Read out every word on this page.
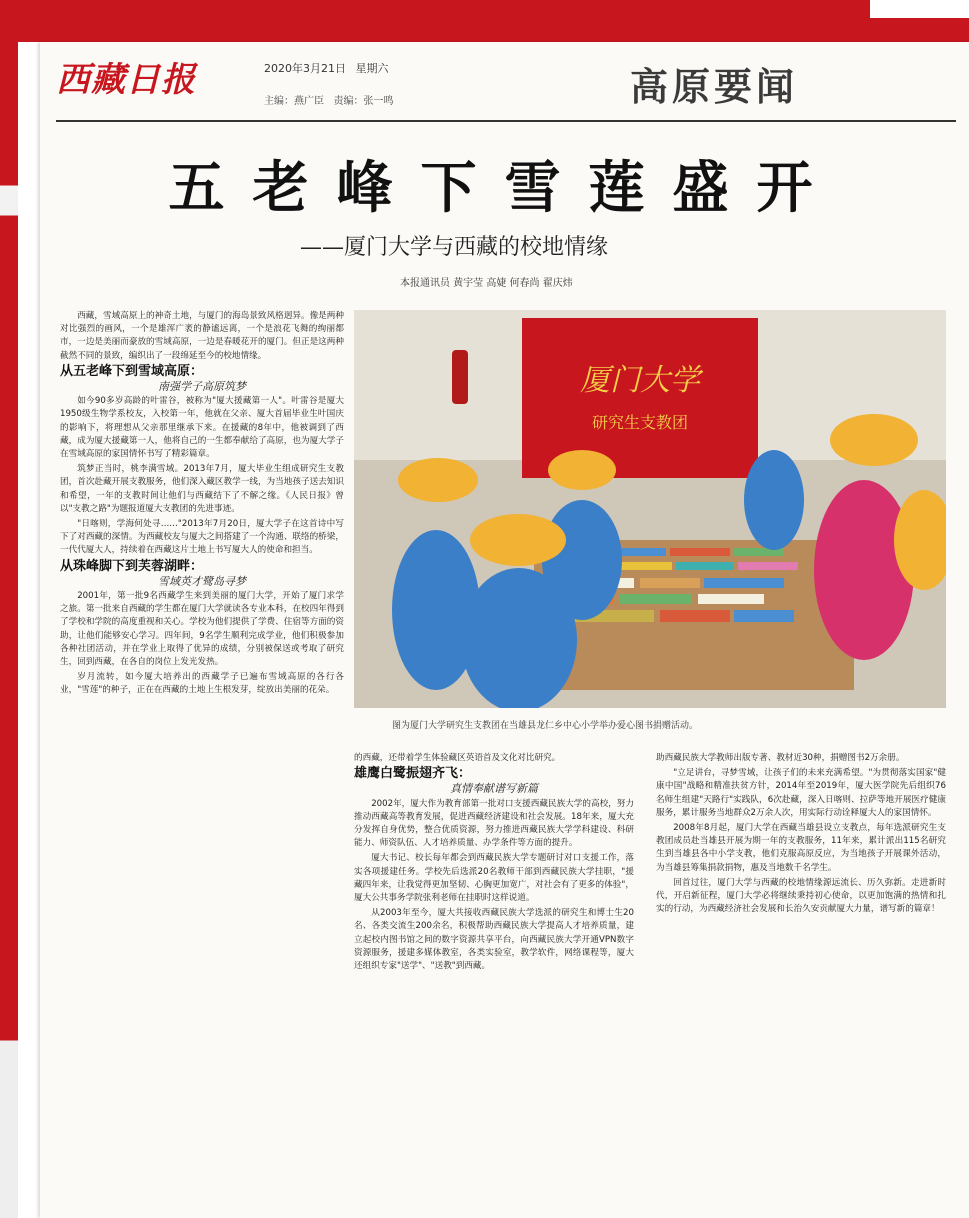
西藏日报	2020年3月21日 星期六
主编：燕广臣 责编：张一鸣	高原要闻
五老峰下雪莲盛开
——厦门大学与西藏的校地情缘
本报通讯员 黄宇莹 高婕 何春尚 翟庆炜

西藏，雪域高原上的神奇土地，与厦门的海岛景致风格迥异。像是两种对比强烈的画风，一个是雄浑广袤的静谧远离，一个是浪花飞舞的绚丽都市，一边是美丽而豪放的雪域高原，一边是春暖花开的厦门。但正是这两种截然不同的景致，编织出了一段绵延至今的校地情缘。

从五老峰下到雪域高原：

南强学子高原筑梦

如今90多岁高龄的叶雷谷，被称为"厦大援藏第一人"。叶雷谷是厦大1950级生物学系校友，入校第一年，他就在父亲、厦大首届毕业生叶国庆的影响下，将理想从父亲那里继承下来。在援藏的8年中，他被调到了西藏，成为厦大援藏第一人，他将自己的一生都奉献给了高原，也为厦大学子在雪域高原的家国情怀书写了精彩篇章。

筑梦正当时，桃李满雪域。2013年7月，厦大毕业生组成研究生支教团，首次赴藏开展支教服务，他们深入藏区教学一线，为当地孩子送去知识和希望，一年的支教时间让他们与西藏结下了不解之缘。《人民日报》曾以"支教之路"为题报道厦大支教团的先进事迹。

"日喀则，学海何处寻……"2013年7月20日，厦大学子在这首诗中写下了对西藏的深情。为西藏校友与厦大之间搭建了一个沟通、联络的桥梁，一代代厦大人，持续着在西藏这片土地上书写厦大人的使命和担当。

从珠峰脚下到芙蓉湖畔：

雪域英才鹭岛寻梦

2001年，第一批9名西藏学生来到美丽的厦门大学，开始了厦门求学之旅。第一批来自西藏的学生都在厦门大学就读各专业本科，在校四年得到了学校和学院的高度重视和关心。学校为他们提供了学费、住宿等方面的资助，让他们能够安心学习。四年间，9名学生顺利完成学业，他们积极参加各种社团活动，并在学业上取得了优异的成绩，分别被保送或考取了研究生，回到西藏，在各自的岗位上发光发热。

岁月流转，如今厦大培养出的西藏学子已遍布雪域高原的各行各业，"雪莲"的种子，正在在西藏的土地上生根发芽，绽放出美丽的花朵。

厦门大学
研究生支教团
图为厦门大学研究生支教团在当雄县龙仁乡中心小学举办爱心图书捐赠活动。

的西藏，还带着学生体验藏区英语首及文化对比研究。

雄鹰白鹭振翅齐飞：

真情奉献谱写新篇

2002年，厦大作为教育部第一批对口支援西藏民族大学的高校，努力推动西藏高等教育发展，促进西藏经济建设和社会发展。18年来，厦大充分发挥自身优势，整合优质资源，努力推进西藏民族大学学科建设、科研能力、师资队伍、人才培养质量、办学条件等方面的提升。

厦大书记、校长每年都会到西藏民族大学专题研讨对口支援工作，落实各项援建任务。学校先后选派20名教师干部到西藏民族大学挂职，"援藏四年来，让我觉得更加坚韧、心胸更加宽广，对社会有了更多的体验"，厦大公共事务学院张利老师在挂职时这样说道。

从2003年至今，厦大共接收西藏民族大学选派的研究生和博士生20名、各类交流生200余名，积极帮助西藏民族大学提高人才培养质量，建立起校内图书馆之间的数字资源共享平台，向西藏民族大学开通VPN数字资源服务，援建多媒体教室，各类实验室，教学软件，网络课程等，厦大还组织专家"送学"、"送教"到西藏。

助西藏民族大学教师出版专著、教材近30种，捐赠图书2万余册。

"立足讲台，寻梦雪域，让孩子们的未来充满希望。"为贯彻落实国家"健康中国"战略和精准扶贫方针，2014年至2019年，厦大医学院先后组织76名师生组建"天路行"实践队，6次赴藏，深入日喀则、拉萨等地开展医疗健康服务，累计服务当地群众2万余人次，用实际行动诠释厦大人的家国情怀。

2008年8月起，厦门大学在西藏当雄县设立支教点，每年选派研究生支教团成员赴当雄县开展为期一年的支教服务，11年来，累计派出115名研究生到当雄县各中小学支教，他们克服高原反应，为当地孩子开展课外活动，为当雄县筹集捐款捐物，惠及当地数千名学生。

回首过往，厦门大学与西藏的校地情缘源远流长、历久弥新。走进新时代，开启新征程，厦门大学必将继续秉持初心使命，以更加饱满的热情和扎实的行动，为西藏经济社会发展和长治久安贡献厦大力量，谱写新的篇章！
